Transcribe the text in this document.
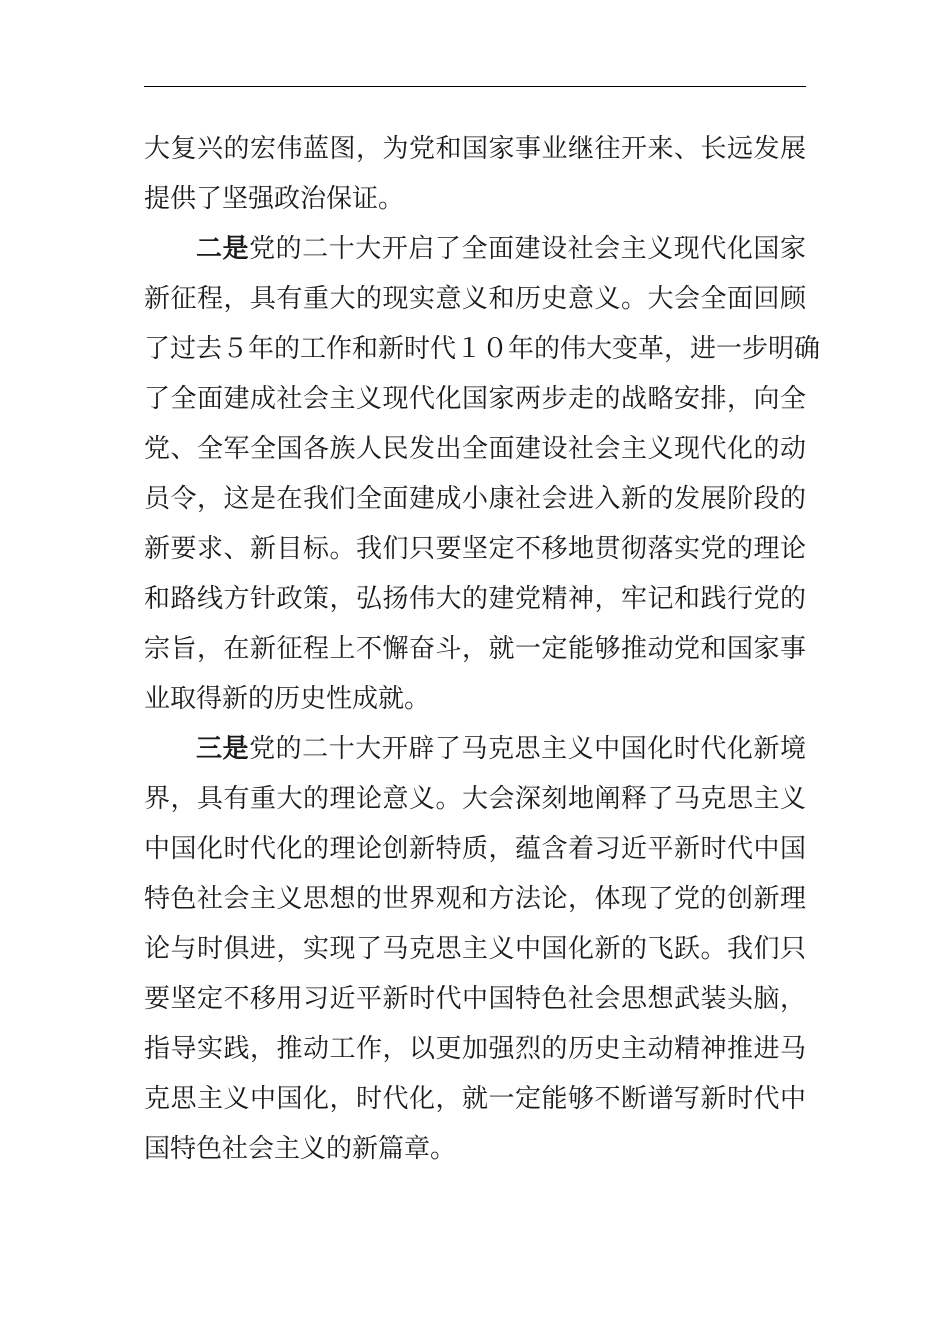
大复兴的宏伟蓝图，为党和国家事业继往开来、长远发展
提供了坚强政治保证。
二是党的二十大开启了全面建设社会主义现代化国家
新征程，具有重大的现实意义和历史意义。大会全面回顾
了过去５年的工作和新时代１０年的伟大变革，进一步明确
了全面建成社会主义现代化国家两步走的战略安排，向全
党、全军全国各族人民发出全面建设社会主义现代化的动
员令，这是在我们全面建成小康社会进入新的发展阶段的
新要求、新目标。我们只要坚定不移地贯彻落实党的理论
和路线方针政策，弘扬伟大的建党精神，牢记和践行党的
宗旨，在新征程上不懈奋斗，就一定能够推动党和国家事
业取得新的历史性成就。
三是党的二十大开辟了马克思主义中国化时代化新境
界，具有重大的理论意义。大会深刻地阐释了马克思主义
中国化时代化的理论创新特质，蕴含着习近平新时代中国
特色社会主义思想的世界观和方法论，体现了党的创新理
论与时俱进，实现了马克思主义中国化新的飞跃。我们只
要坚定不移用习近平新时代中国特色社会思想武装头脑，
指导实践，推动工作，以更加强烈的历史主动精神推进马
克思主义中国化，时代化，就一定能够不断谱写新时代中
国特色社会主义的新篇章。
